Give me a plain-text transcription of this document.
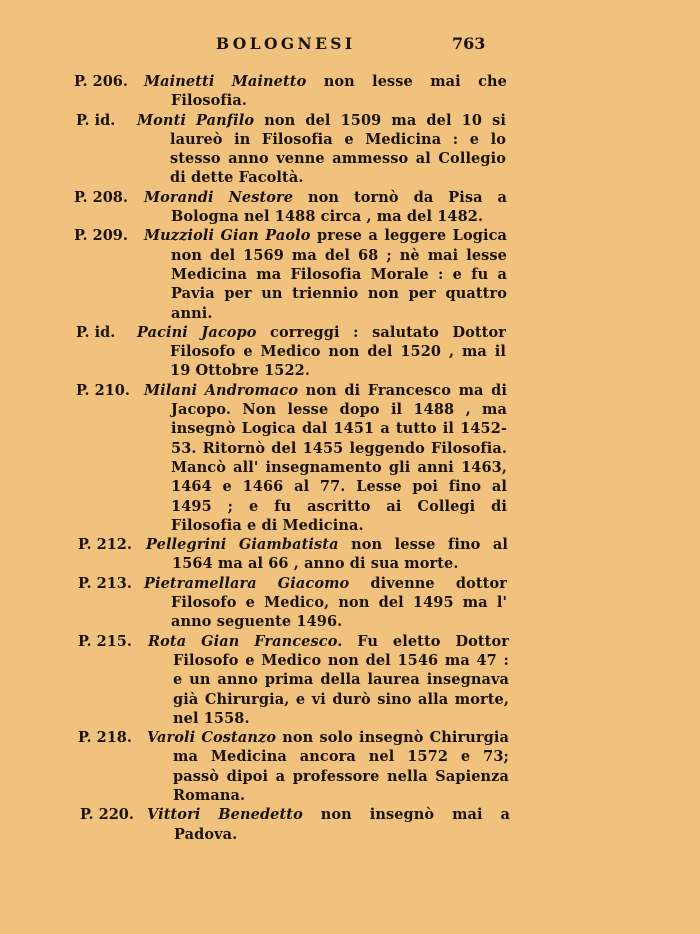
BOLOGNESI	763
P. 206. Mainetti Mainetto non lesse mai che Filosofia.
P. id. Monti Panfilo non del 1509 ma del 10 si laureò in Filosofia e Medicina : e lo stesso anno venne ammesso al Collegio di dette Facoltà.
P. 208. Morandi Nestore non tornò da Pisa a Bologna nel 1488 circa , ma del 1482.
P. 209. Muzzioli Gian Paolo prese a leggere Logica non del 1569 ma del 68 ; nè mai lesse Medicina ma Filosofia Morale : e fu a Pavia per un triennio non per quattro anni.
P. id. Pacini Jacopo correggi : salutato Dottor Filosofo e Medico non del 1520 , ma il 19 Ottobre 1522.
P. 210. Milani Andromaco non di Francesco ma di Jacopo. Non lesse dopo il 1488 , ma insegnò Logica dal 1451 a tutto il 1452-53. Ritornò del 1455 leggendo Filosofia. Mancò all' insegnamento gli anni 1463, 1464 e 1466 al 77. Lesse poi fino al 1495 ; e fu ascritto ai Collegi di Filosofia e di Medicina.
P. 212. Pellegrini Giambatista non lesse fino al 1564 ma al 66 , anno di sua morte.
P. 213. Pietramellara Giacomo divenne dottor Filosofo e Medico, non del 1495 ma l' anno seguente 1496.
P. 215. Rota Gian Francesco. Fu eletto Dottor Filosofo e Medico non del 1546 ma 47 : e un anno prima della laurea insegnava già Chirurgia, e vi durò sino alla morte, nel 1558.
P. 218. Varoli Costanzo non solo insegnò Chirurgia ma Medicina ancora nel 1572 e 73; passò dipoi a professore nella Sapienza Romana.
P. 220. Vittori Benedetto non insegnò mai a Padova.
